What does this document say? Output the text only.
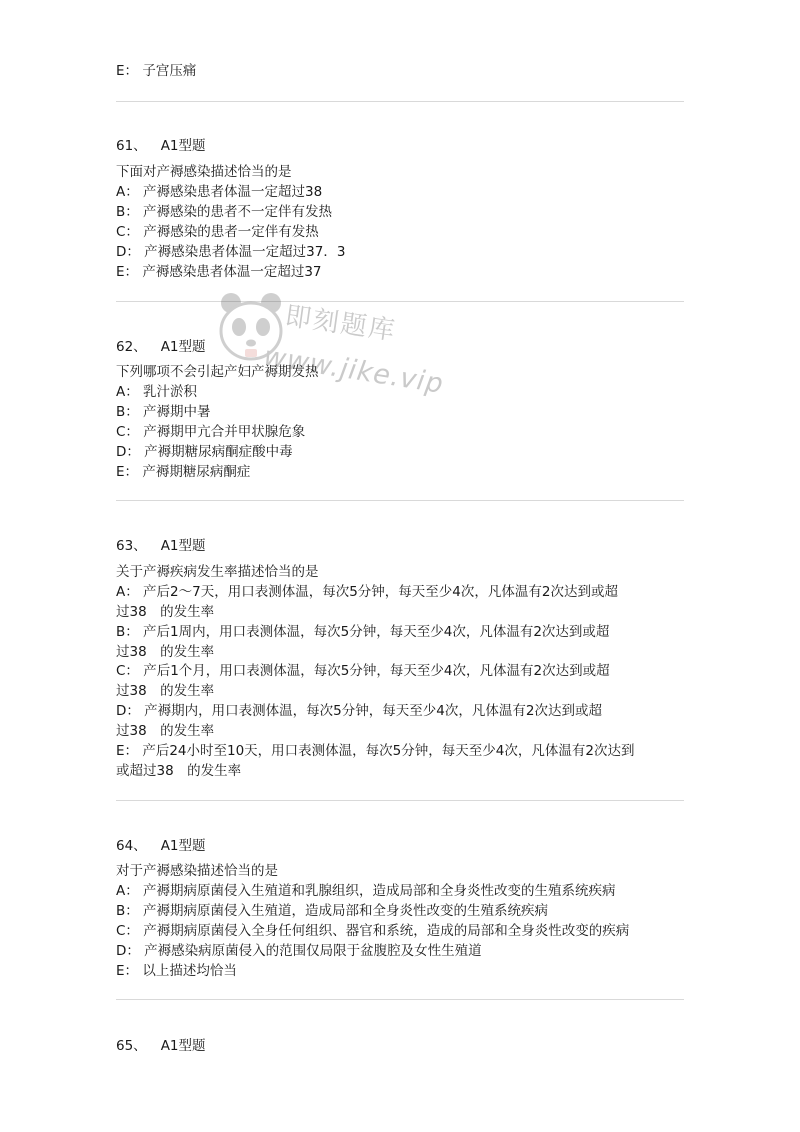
E： 子宫压痛
61、 A1型题
下面对产褥感染描述恰当的是
A： 产褥感染患者体温一定超过38
B： 产褥感染的患者不一定伴有发热
C： 产褥感染的患者一定伴有发热
D： 产褥感染患者体温一定超过37．3
E： 产褥感染患者体温一定超过37
62、 A1型题
下列哪项不会引起产妇产褥期发热
A： 乳汁淤积
B： 产褥期中暑
C： 产褥期甲亢合并甲状腺危象
D： 产褥期糖尿病酮症酸中毒
E： 产褥期糖尿病酮症
63、 A1型题
关于产褥疾病发生率描述恰当的是
A： 产后2～7天，用口表测体温，每次5分钟，每天至少4次，凡体温有2次达到或超
过38　的发生率
B： 产后1周内，用口表测体温，每次5分钟，每天至少4次，凡体温有2次达到或超
过38　的发生率
C： 产后1个月，用口表测体温，每次5分钟，每天至少4次，凡体温有2次达到或超
过38　的发生率
D： 产褥期内，用口表测体温，每次5分钟，每天至少4次，凡体温有2次达到或超
过38　的发生率
E： 产后24小时至10天，用口表测体温，每次5分钟，每天至少4次，凡体温有2次达到
或超过38　的发生率
64、 A1型题
对于产褥感染描述恰当的是
A： 产褥期病原菌侵入生殖道和乳腺组织，造成局部和全身炎性改变的生殖系统疾病
B： 产褥期病原菌侵入生殖道，造成局部和全身炎性改变的生殖系统疾病
C： 产褥期病原菌侵入全身任何组织、器官和系统，造成的局部和全身炎性改变的疾病
D： 产褥感染病原菌侵入的范围仅局限于盆腹腔及女性生殖道
E： 以上描述均恰当
65、 A1型题
即刻题库
www.jike.vip
